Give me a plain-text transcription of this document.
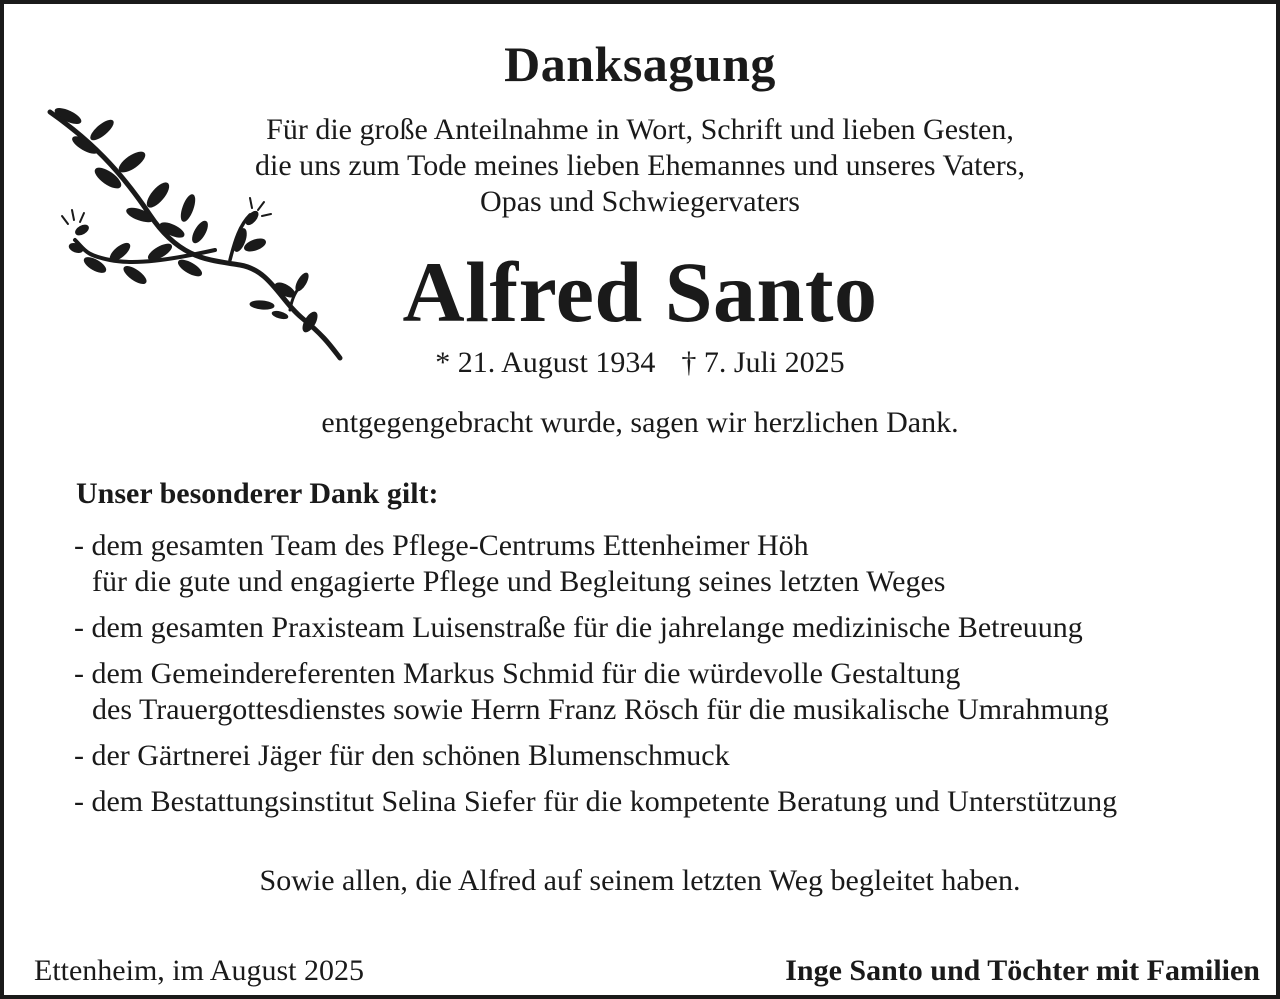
Danksagung
Für die große Anteilnahme in Wort, Schrift und lieben Gesten,
die uns zum Tode meines lieben Ehemannes und unseres Vaters,
Opas und Schwiegervaters
Alfred Santo
* 21. August 1934 † 7. Juli 2025
entgegengebracht wurde, sagen wir herzlichen Dank.
Unser besonderer Dank gilt:
- dem gesamten Team des Pflege-Centrums Ettenheimer Höh
für die gute und engagierte Pflege und Begleitung seines letzten Weges
- dem gesamten Praxisteam Luisenstraße für die jahrelange medizinische Betreuung
- dem Gemeindereferenten Markus Schmid für die würdevolle Gestaltung
des Trauergottesdienstes sowie Herrn Franz Rösch für die musikalische Umrahmung
- der Gärtnerei Jäger für den schönen Blumenschmuck
- dem Bestattungsinstitut Selina Siefer für die kompetente Beratung und Unterstützung
Sowie allen, die Alfred auf seinem letzten Weg begleitet haben.
Ettenheim, im August 2025	Inge Santo und Töchter mit Familien
